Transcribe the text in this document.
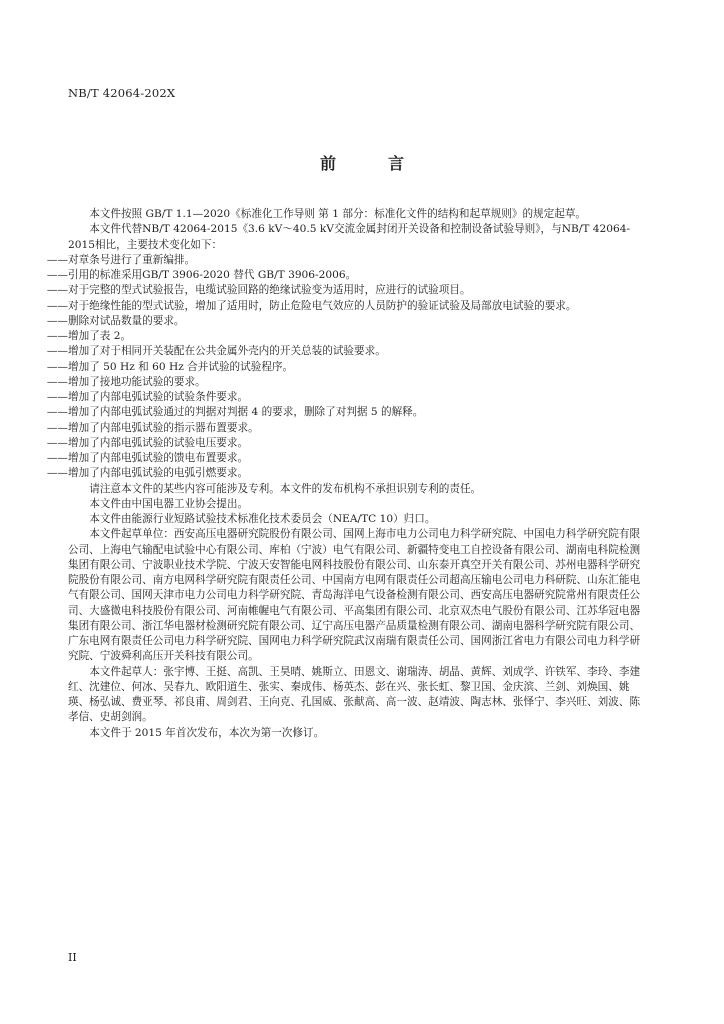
NB/T 42064-202X
前　言

本文件按照 GB/T 1.1—2020《标准化工作导则 第 1 部分：标准化文件的结构和起草规则》的规定起草。

本文件代替NB/T 42064-2015《3.6 kV～40.5 kV交流金属封闭开关设备和控制设备试验导则》，与NB/T 42064-2015相比，主要技术变化如下：

——对章条号进行了重新编排。

——引用的标准采用GB/T 3906-2020 替代 GB/T 3906-2006。

——对于完整的型式试验报告，电缆试验回路的绝缘试验变为适用时，应进行的试验项目。

——对于绝缘性能的型式试验，增加了适用时，防止危险电气效应的人员防护的验证试验及局部放电试验的要求。

——删除对试品数量的要求。

——增加了表 2。

——增加了对于相同开关装配在公共金属外壳内的开关总装的试验要求。

——增加了 50 Hz 和 60 Hz 合并试验的试验程序。

——增加了接地功能试验的要求。

——增加了内部电弧试验的试验条件要求。

——增加了内部电弧试验通过的判据对判据 4 的要求，删除了对判据 5 的解释。

——增加了内部电弧试验的指示器布置要求。

——增加了内部电弧试验的试验电压要求。

——增加了内部电弧试验的馈电布置要求。

——增加了内部电弧试验的电弧引燃要求。

请注意本文件的某些内容可能涉及专利。本文件的发布机构不承担识别专利的责任。

本文件由中国电器工业协会提出。

本文件由能源行业短路试验技术标准化技术委员会（NEA/TC 10）归口。

本文件起草单位：西安高压电器研究院股份有限公司、国网上海市电力公司电力科学研究院、中国电力科学研究院有限公司、上海电气输配电试验中心有限公司、库柏（宁波）电气有限公司、新疆特变电工自控设备有限公司、湖南电科院检测集团有限公司、宁波职业技术学院、宁波天安智能电网科技股份有限公司、山东泰开真空开关有限公司、苏州电器科学研究院股份有限公司、南方电网科学研究院有限责任公司、中国南方电网有限责任公司超高压输电公司电力科研院、山东汇能电气有限公司、国网天津市电力公司电力科学研究院、青岛海洋电气设备检测有限公司、西安高压电器研究院常州有限责任公司、大盛微电科技股份有限公司、河南帷幄电气有限公司、平高集团有限公司、北京双杰电气股份有限公司、江苏华冠电器集团有限公司、浙江华电器材检测研究院有限公司、辽宁高压电器产品质量检测有限公司、湖南电器科学研究院有限公司、广东电网有限责任公司电力科学研究院、国网电力科学研究院武汉南瑞有限责任公司、国网浙江省电力有限公司电力科学研究院、宁波舜利高压开关科技有限公司。

本文件起草人：张宇博、王挺、高凯、王昊晴、姚斯立、田恩文、谢瑞涛、胡晶、黄辉、刘成学、许铁军、李玲、李建红、沈建位、何冰、吴春九、欧阳道生、张实、秦成伟、杨英杰、彭在兴、张长虹、黎卫国、金庆滨、兰剑、刘焕国、姚瑛、杨弘诚、费亚琴、祁良甫、周剑君、王向克、孔国威、张献高、高一波、赵靖波、陶志林、张怿宁、李兴旺、刘波、陈孝信、史胡剑润。

本文件于 2015 年首次发布，本次为第一次修订。

II
